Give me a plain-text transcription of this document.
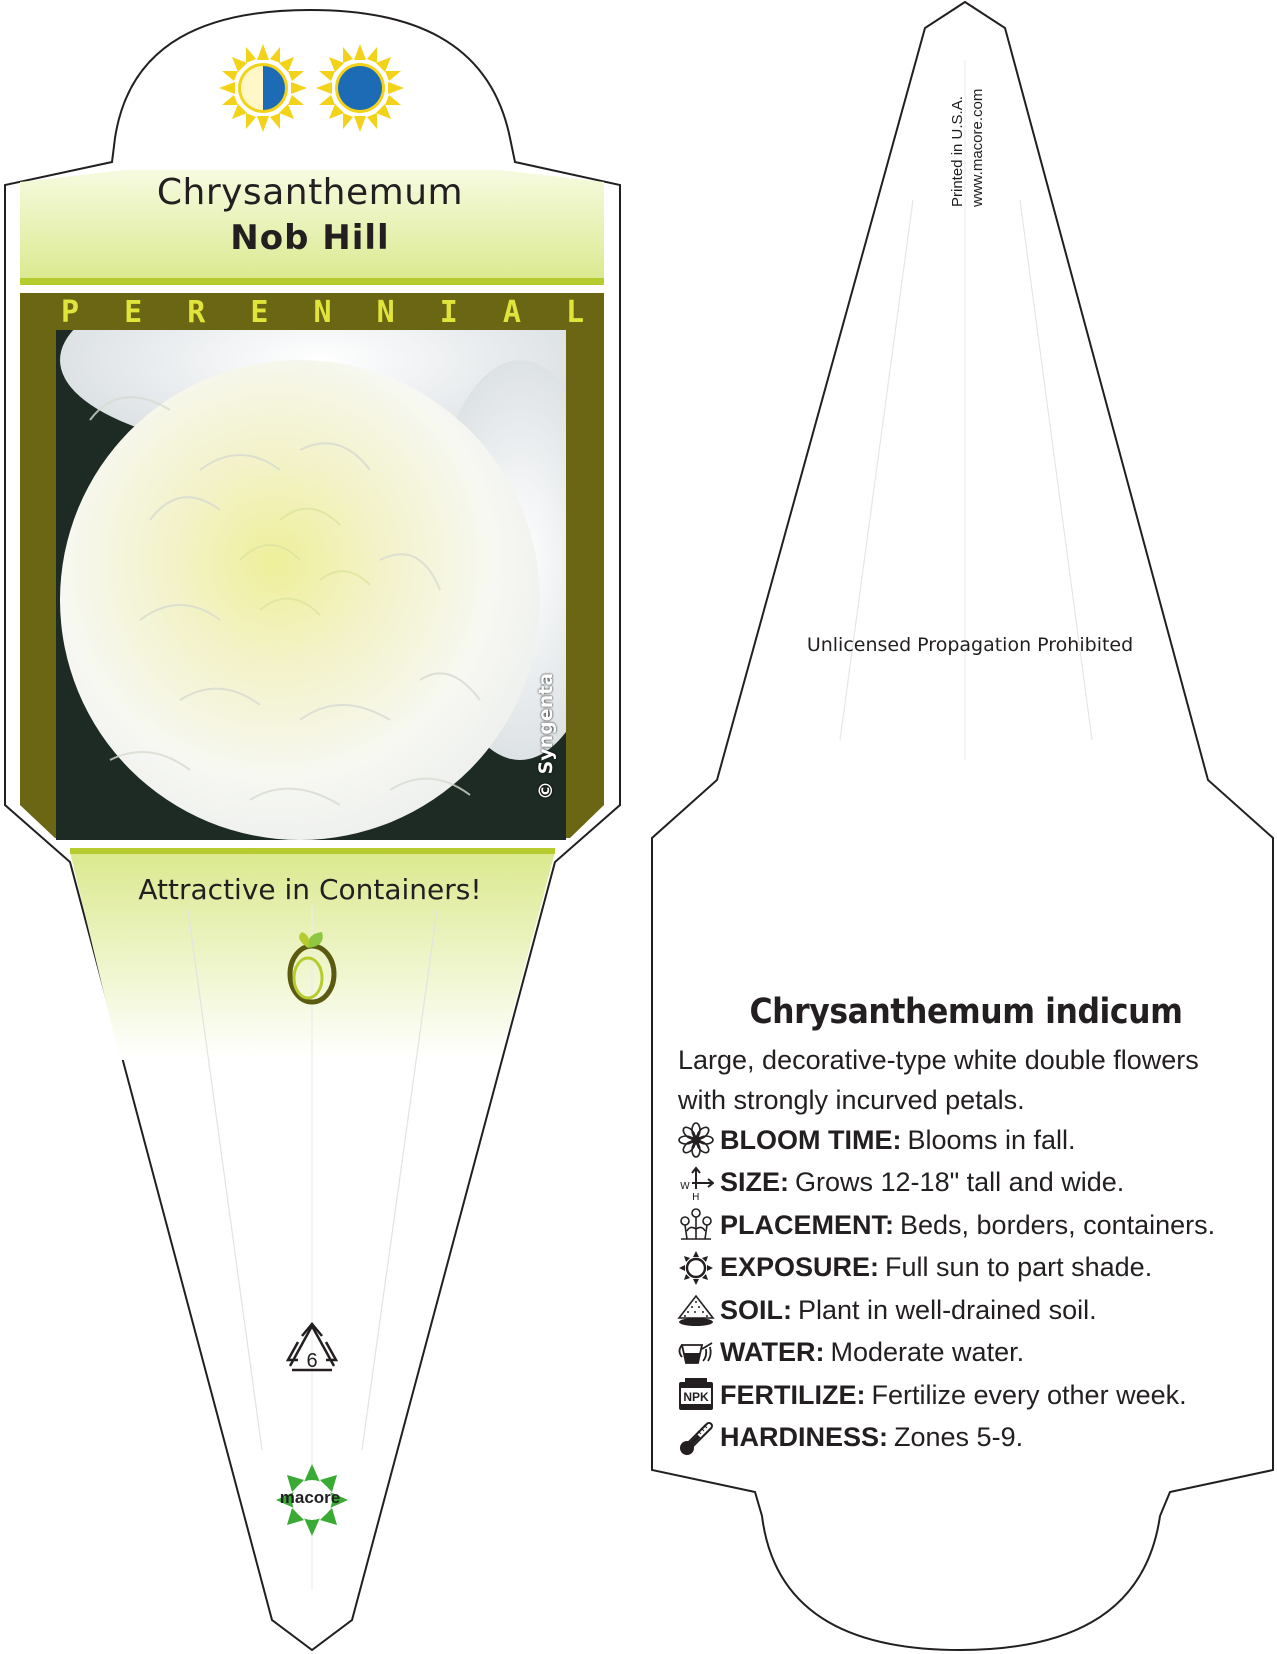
Chrysanthemum
Nob Hill
P	E	R	E	N	N	I	A	L
© Syngenta
Attractive in Containers!
6
macore
Printed in U.S.A. www.macore.com
Unlicensed Propagation Prohibited
Chrysanthemum indicum
Large, decorative-type white double flowers with strongly incurved petals.
BLOOM TIME: Blooms in fall.
W
H SIZE: Grows 12-18" tall and wide.
PLACEMENT: Beds, borders, containers.
EXPOSURE: Full sun to part shade.
SOIL: Plant in well-drained soil.
WATER: Moderate water.
NPK FERTILIZE: Fertilize every other week.
HARDINESS: Zones 5-9.
